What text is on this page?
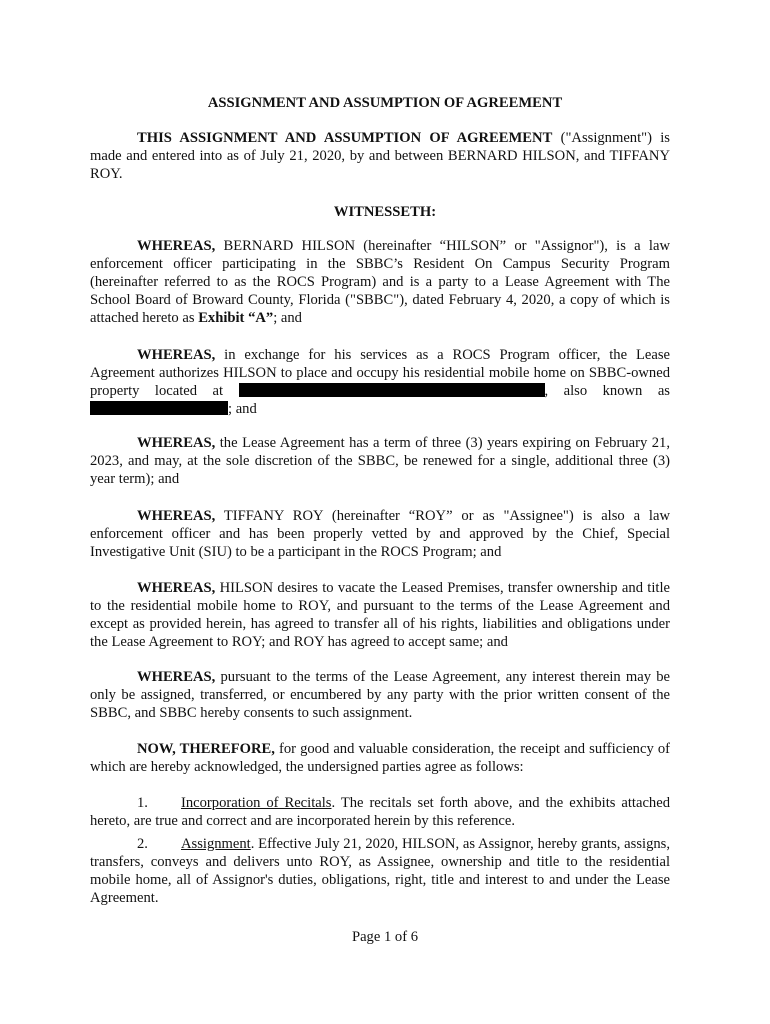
ASSIGNMENT AND ASSUMPTION OF AGREEMENT
THIS ASSIGNMENT AND ASSUMPTION OF AGREEMENT ("Assignment") is made and entered into as of July 21, 2020, by and between BERNARD HILSON, and TIFFANY ROY.
WITNESSETH:
WHEREAS, BERNARD HILSON (hereinafter “HILSON” or "Assignor"), is a law enforcement officer participating in the SBBC’s Resident On Campus Security Program (hereinafter referred to as the ROCS Program) and is a party to a Lease Agreement with The School Board of Broward County, Florida ("SBBC"), dated February 4, 2020, a copy of which is attached hereto as Exhibit “A”; and
WHEREAS, in exchange for his services as a ROCS Program officer, the Lease Agreement authorizes HILSON to place and occupy his residential mobile home on SBBC-owned property located at	, also known as ; and
WHEREAS, the Lease Agreement has a term of three (3) years expiring on February 21, 2023, and may, at the sole discretion of the SBBC, be renewed for a single, additional three (3) year term); and
WHEREAS, TIFFANY ROY (hereinafter “ROY” or as "Assignee") is also a law enforcement officer and has been properly vetted by and approved by the Chief, Special Investigative Unit (SIU) to be a participant in the ROCS Program; and
WHEREAS, HILSON desires to vacate the Leased Premises, transfer ownership and title to the residential mobile home to ROY, and pursuant to the terms of the Lease Agreement and except as provided herein, has agreed to transfer all of his rights, liabilities and obligations under the Lease Agreement to ROY; and ROY has agreed to accept same; and
WHEREAS, pursuant to the terms of the Lease Agreement, any interest therein may be only be assigned, transferred, or encumbered by any party with the prior written consent of the SBBC, and SBBC hereby consents to such assignment.
NOW, THEREFORE, for good and valuable consideration, the receipt and sufficiency of which are hereby acknowledged, the undersigned parties agree as follows:
1. Incorporation of Recitals. The recitals set forth above, and the exhibits attached hereto, are true and correct and are incorporated herein by this reference.
2. Assignment. Effective July 21, 2020, HILSON, as Assignor, hereby grants, assigns, transfers, conveys and delivers unto ROY, as Assignee, ownership and title to the residential mobile home, all of Assignor's duties, obligations, right, title and interest to and under the Lease Agreement.
Page 1 of 6
